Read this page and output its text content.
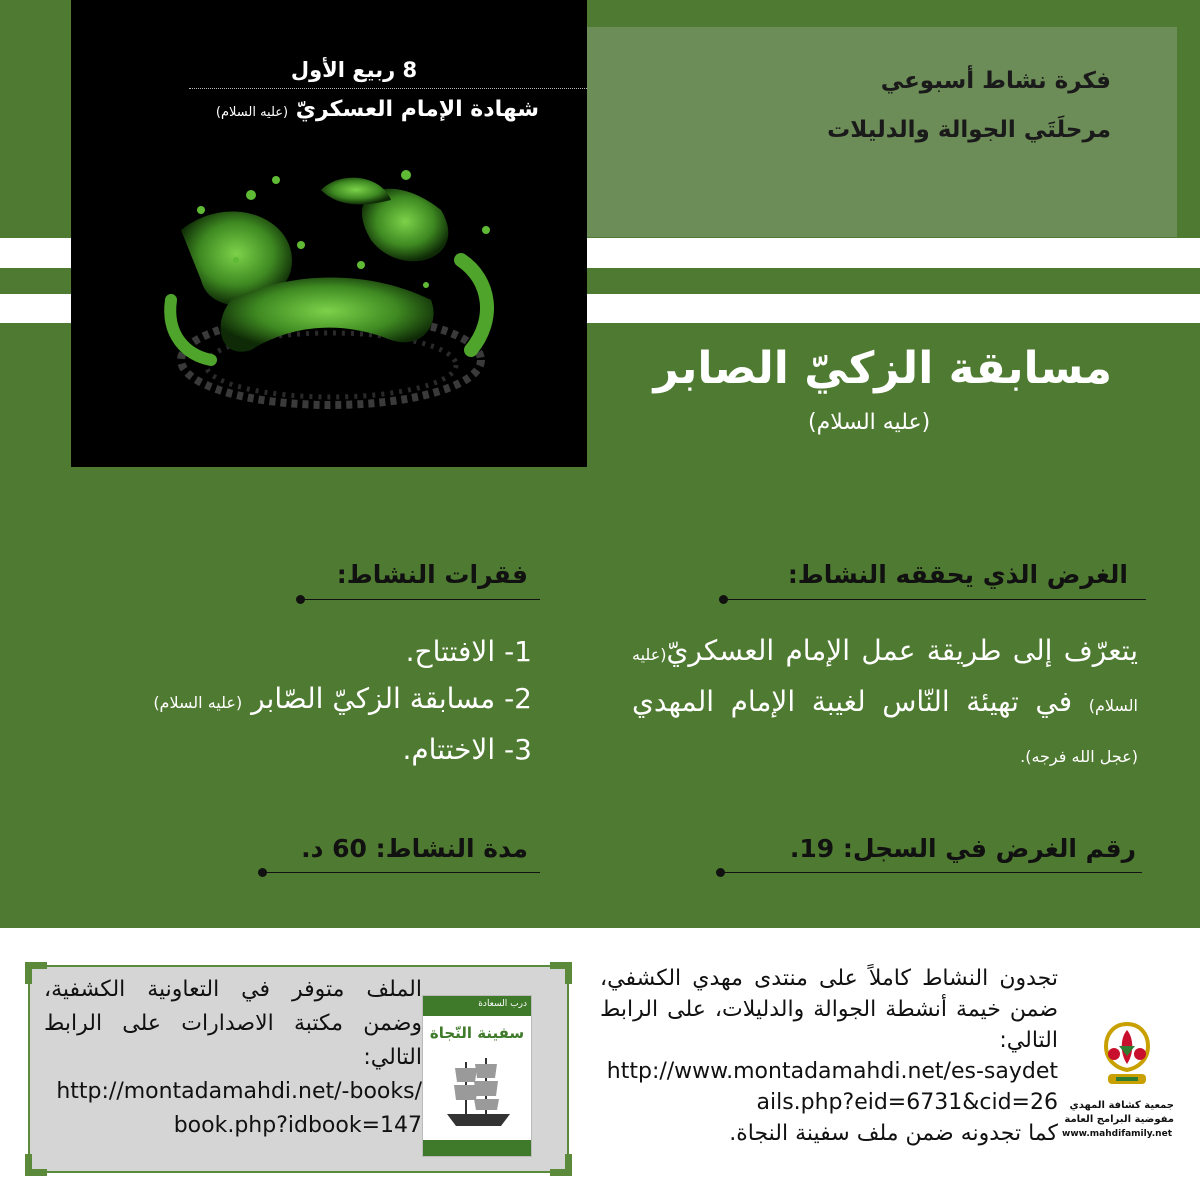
فكرة نشاط أسبوعي
مرحلَتَي الجوالة والدليلات
8 ربيع الأول
شهادة الإمام العسكريّ (عليه السلام)
مسابقة الزكيّ الصابر
(عليه السلام)
الغرض الذي يحققه النشاط:
يتعرّف إلى طريقة عمل الإمام العسكريّ(عليه السلام) في تهيئة النّاس لغيبة الإمام المهدي (عجل الله فرجه).
فقرات النشاط:
1- الافتتاح.
2- مسابقة الزكيّ الصّابر (عليه السلام)
3- الاختتام.
رقم الغرض في السجل: 19.
مدة النشاط: 60 د.
درب السعادة
سفينة النّجاة
الملف متوفر في التعاونية الكشفية، وضمن مكتبة الاصدارات على الرابط التالي:
http://montadamahdi.net/-books/book.php?idbook=147
تجدون النشاط كاملاً على منتدى مهدي الكشفي، ضمن خيمة أنشطة الجوالة والدليلات، على الرابط التالي:
http://www.montadamahdi.net/es-saydetails.php?eid=6731&cid=26
كما تجدونه ضمن ملف سفينة النجاة.
جمعية كشافة المهدي
مفوضية البرامج العامة
www.mahdifamily.net
